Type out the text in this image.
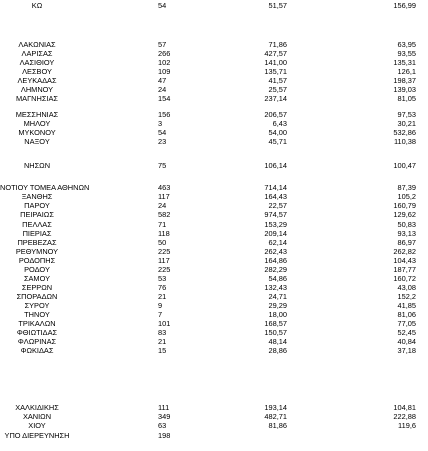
ΚΩ	54	51,57	156,99
ΛΑΚΩΝΙΑΣ	57	71,86	63,95
ΛΑΡΙΣΑΣ	266	427,57	93,55
ΛΑΣΙΘΙΟΥ	102	141,00	135,31
ΛΕΣΒΟΥ	109	135,71	126,1
ΛΕΥΚΑΔΑΣ	47	41,57	198,37
ΛΗΜΝΟΥ	24	25,57	139,03
ΜΑΓΝΗΣΙΑΣ	154	237,14	81,05
ΜΕΣΣΗΝΙΑΣ	156	206,57	97,53
ΜΗΛΟΥ	3	6,43	30,21
ΜΥΚΟΝΟΥ	54	54,00	532,86
ΝΑΞΟΥ	23	45,71	110,38
ΝΗΣΩΝ	75	106,14	100,47
ΝΟΤΙΟΥ ΤΟΜΕΑ ΑΘΗΝΩΝ	463	714,14	87,39
ΞΑΝΘΗΣ	117	164,43	105,2
ΠΑΡΟΥ	24	22,57	160,79
ΠΕΙΡΑΙΩΣ	582	974,57	129,62
ΠΕΛΛΑΣ	71	153,29	50,83
ΠΙΕΡΙΑΣ	118	209,14	93,13
ΠΡΕΒΕΖΑΣ	50	62,14	86,97
ΡΕΘΥΜΝΟΥ	225	262,43	262,82
ΡΟΔΟΠΗΣ	117	164,86	104,43
ΡΟΔΟΥ	225	282,29	187,77
ΣΑΜΟΥ	53	54,86	160,72
ΣΕΡΡΩΝ	76	132,43	43,08
ΣΠΟΡΑΔΩΝ	21	24,71	152,2
ΣΥΡΟΥ	9	29,29	41,85
ΤΗΝΟΥ	7	18,00	81,06
ΤΡΙΚΑΛΩΝ	101	168,57	77,05
ΦΘΙΩΤΙΔΑΣ	83	150,57	52,45
ΦΛΩΡΙΝΑΣ	21	48,14	40,84
ΦΩΚΙΔΑΣ	15	28,86	37,18
ΧΑΛΚΙΔΙΚΗΣ	111	193,14	104,81
ΧΑΝΙΩΝ	349	482,71	222,88
ΧΙΟΥ	63	81,86	119,6
ΥΠΟ ΔΙΕΡΕΥΝΗΣΗ	198
